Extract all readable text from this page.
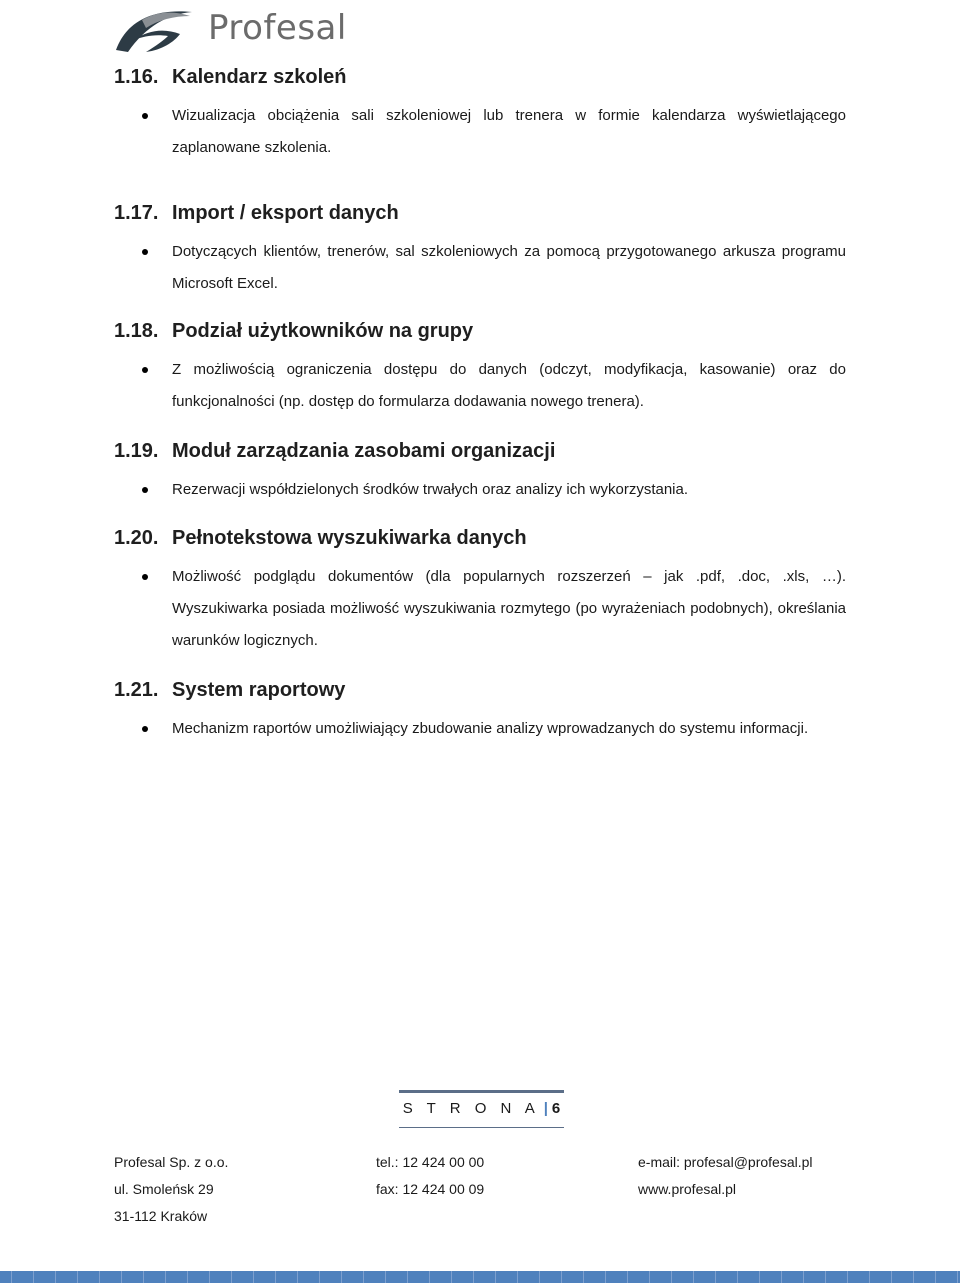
Profesal
1.16. Kalendarz szkoleń
Wizualizacja obciążenia sali szkoleniowej lub trenera w formie kalendarza wyświetlającego zaplanowane szkolenia.
1.17. Import / eksport danych
Dotyczących klientów, trenerów, sal szkoleniowych za pomocą przygotowanego arkusza programu Microsoft Excel.
1.18. Podział użytkowników na grupy
Z możliwością ograniczenia dostępu do danych (odczyt, modyfikacja, kasowanie) oraz do funkcjonalności (np. dostęp do formularza dodawania nowego trenera).
1.19. Moduł zarządzania zasobami organizacji
Rezerwacji współdzielonych środków trwałych oraz analizy ich wykorzystania.
1.20. Pełnotekstowa wyszukiwarka danych
Możliwość podglądu dokumentów (dla popularnych rozszerzeń – jak .pdf, .doc, .xls, …). Wyszukiwarka posiada możliwość wyszukiwania rozmytego (po wyrażeniach podobnych), określania warunków logicznych.
1.21. System raportowy
Mechanizm raportów umożliwiający zbudowanie analizy wprowadzanych do systemu informacji.
S T R O N A | 6
Profesal Sp. z o.o.	tel.: 12 424 00 00	e-mail: profesal@profesal.pl
ul. Smoleńsk 29	fax: 12 424 00 09	www.profesal.pl
31-112 Kraków
